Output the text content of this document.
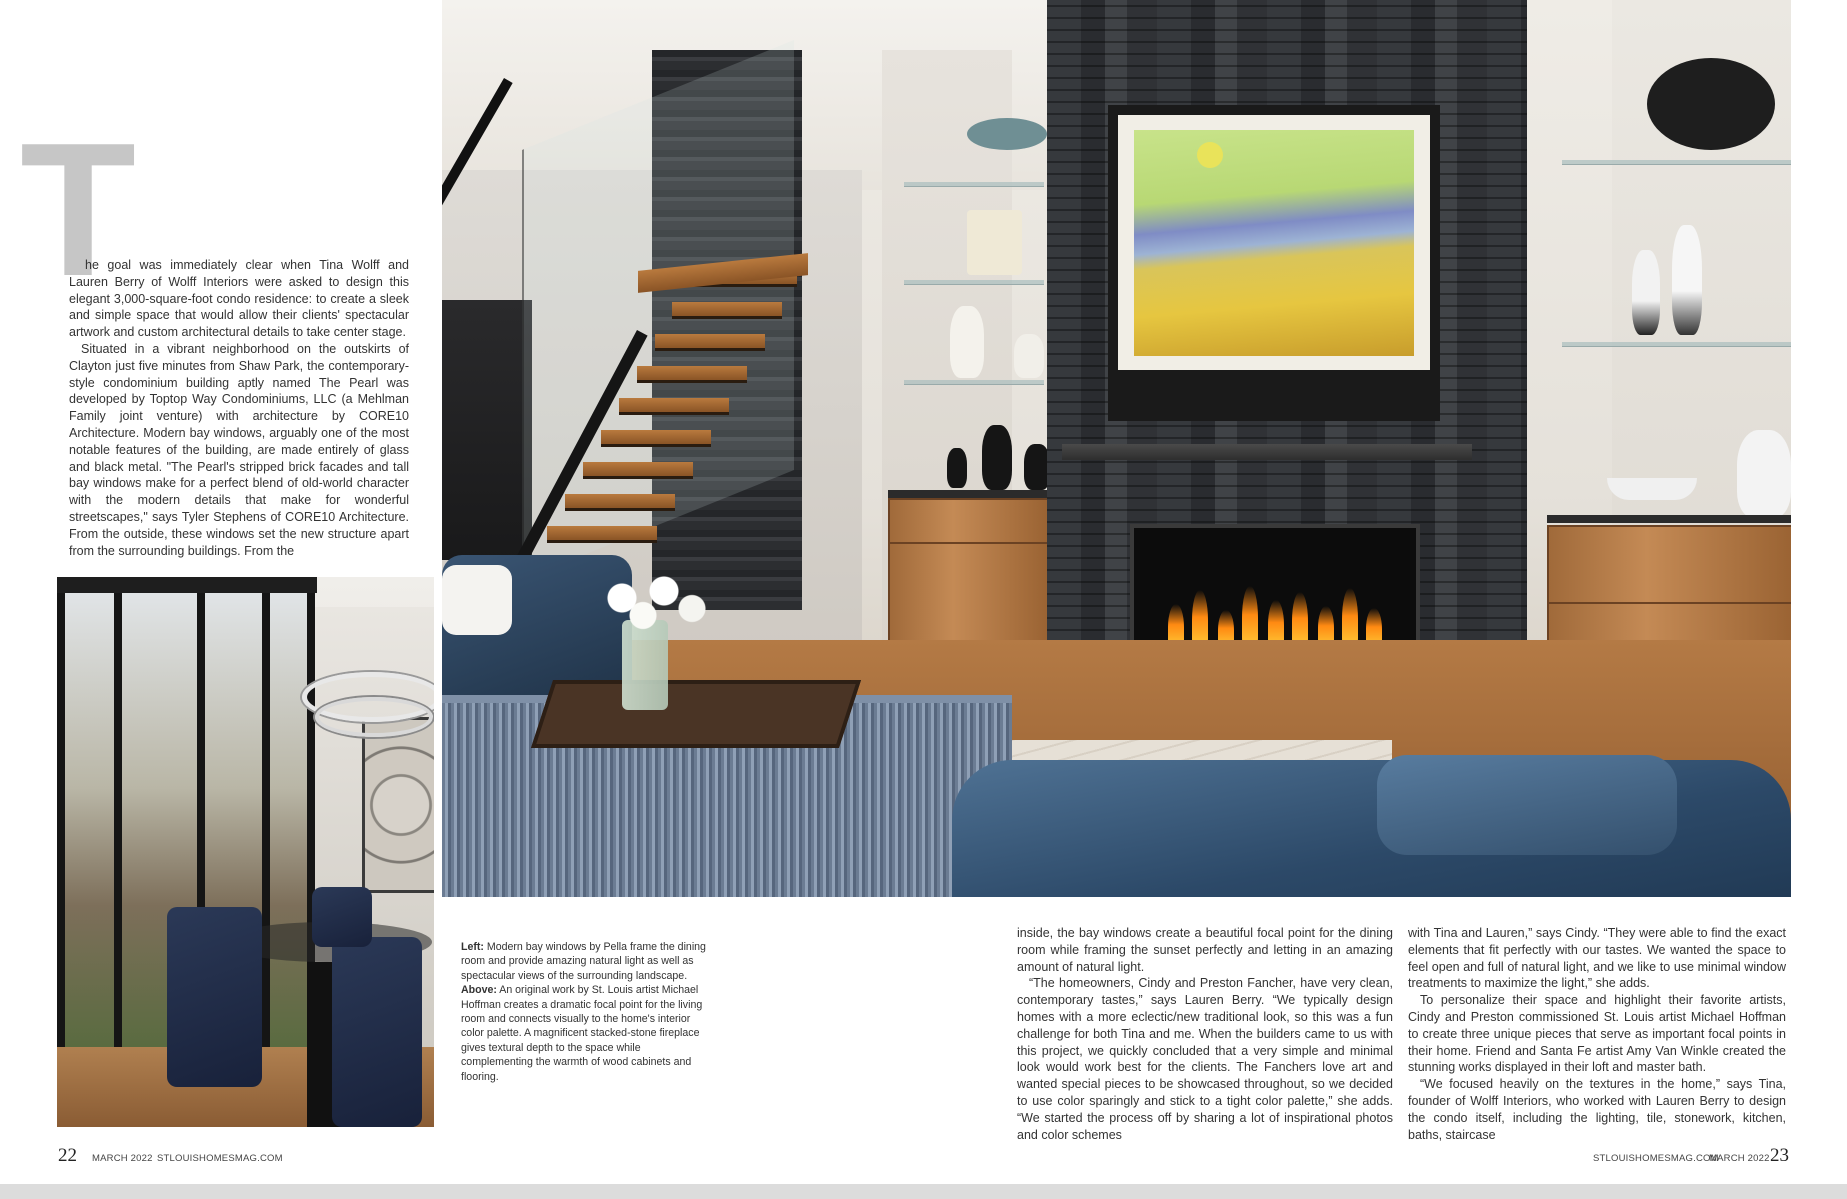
T

he goal was immediately clear when Tina Wolff and Lauren Berry of Wolff Interiors were asked to design this elegant 3,000-square-foot condo residence: to create a sleek and simple space that would allow their clients' spectacular artwork and custom architectural details to take center stage.

Situated in a vibrant neighborhood on the outskirts of Clayton just five minutes from Shaw Park, the contemporary-style condominium building aptly named The Pearl was developed by Toptop Way Condominiums, LLC (a Mehlman Family joint venture) with architecture by CORE10 Architecture. Modern bay windows, arguably one of the most notable features of the building, are made entirely of glass and black metal. "The Pearl's stripped brick facades and tall bay windows make for a perfect blend of old-world character with the modern details that make for wonderful streetscapes," says Tyler Stephens of CORE10 Architecture. From the outside, these windows set the new structure apart from the surrounding buildings. From the

Left: Modern bay windows by Pella frame the dining room and provide amazing natural light as well as spectacular views of the surrounding landscape.
Above: An original work by St. Louis artist Michael Hoffman creates a dramatic focal point for the living room and connects visually to the home's interior color palette. A magnificent stacked-stone fireplace gives textural depth to the space while complementing the warmth of wood cabinets and flooring.

inside, the bay windows create a beautiful focal point for the dining room while framing the sunset perfectly and letting in an amazing amount of natural light.

“The homeowners, Cindy and Preston Fancher, have very clean, contemporary tastes,” says Lauren Berry. “We typically design homes with a more eclectic/new traditional look, so this was a fun challenge for both Tina and me. When the builders came to us with this project, we quickly concluded that a very simple and minimal look would work best for the clients. The Fanchers love art and wanted special pieces to be showcased throughout, so we decided to use color sparingly and stick to a tight color palette,” she adds. “We started the process off by sharing a lot of inspirational photos and color schemes

with Tina and Lauren,” says Cindy. “They were able to find the exact elements that fit perfectly with our tastes. We wanted the space to feel open and full of natural light, and we like to use minimal window treatments to maximize the light,” she adds.

To personalize their space and highlight their favorite artists, Cindy and Preston commissioned St. Louis artist Michael Hoffman to create three unique pieces that serve as important focal points in their home. Friend and Santa Fe artist Amy Van Winkle created the stunning works displayed in their loft and master bath.

“We focused heavily on the textures in the home,” says Tina, founder of Wolff Interiors, who worked with Lauren Berry to design the condo itself, including the lighting, tile, stonework, kitchen, baths, staircase

22 MARCH 2022 STLOUISHOMESMAG.COM	STLOUISHOMESMAG.COM
MARCH 2022 23
